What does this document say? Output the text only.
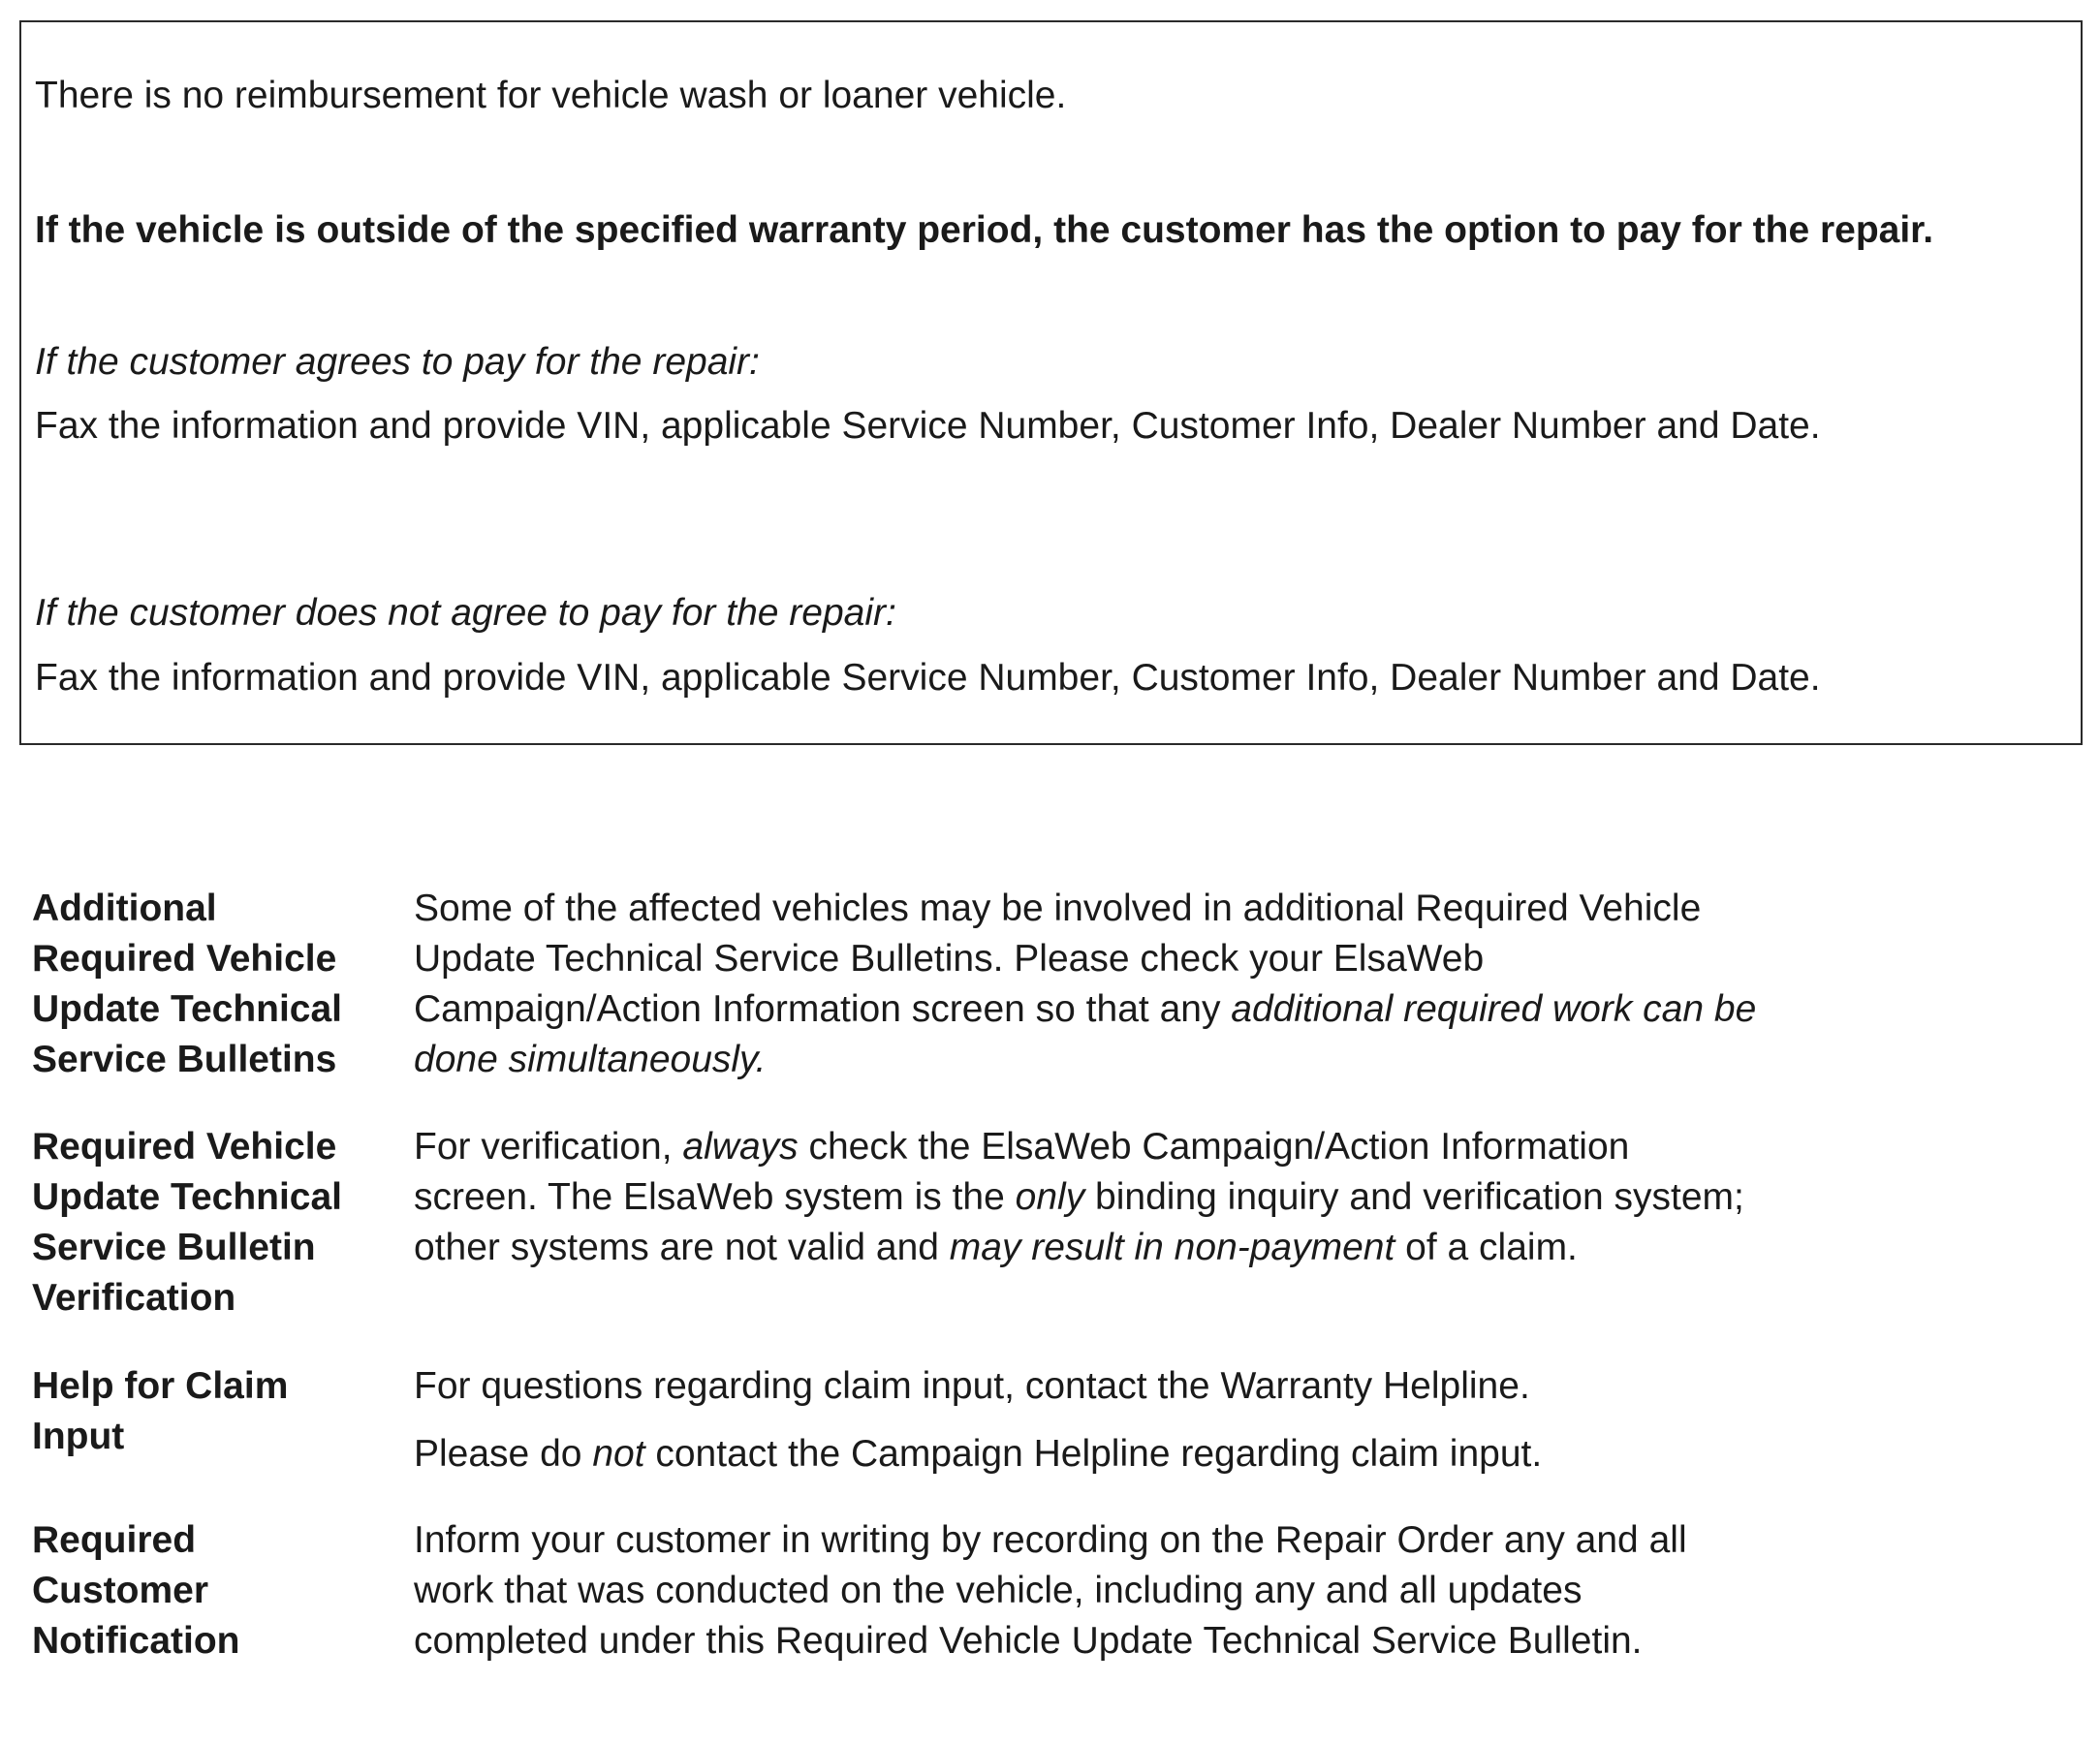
There is no reimbursement for vehicle wash or loaner vehicle.
If the vehicle is outside of the specified warranty period, the customer has the option to pay for the repair.
If the customer agrees to pay for the repair:
Fax the information and provide VIN, applicable Service Number, Customer Info, Dealer Number and Date.
If the customer does not agree to pay for the repair:
Fax the information and provide VIN, applicable Service Number, Customer Info, Dealer Number and Date.
Additional Required Vehicle Update Technical Service Bulletins

Some of the affected vehicles may be involved in additional Required Vehicle Update Technical Service Bulletins. Please check your ElsaWeb Campaign/Action Information screen so that any additional required work can be done simultaneously.

Required Vehicle Update Technical Service Bulletin Verification

For verification, always check the ElsaWeb Campaign/Action Information screen. The ElsaWeb system is the only binding inquiry and verification system; other systems are not valid and may result in non-payment of a claim.

Help for Claim Input

For questions regarding claim input, contact the Warranty Helpline.

Please do not contact the Campaign Helpline regarding claim input.

Required Customer Notification

Inform your customer in writing by recording on the Repair Order any and all work that was conducted on the vehicle, including any and all updates completed under this Required Vehicle Update Technical Service Bulletin.
